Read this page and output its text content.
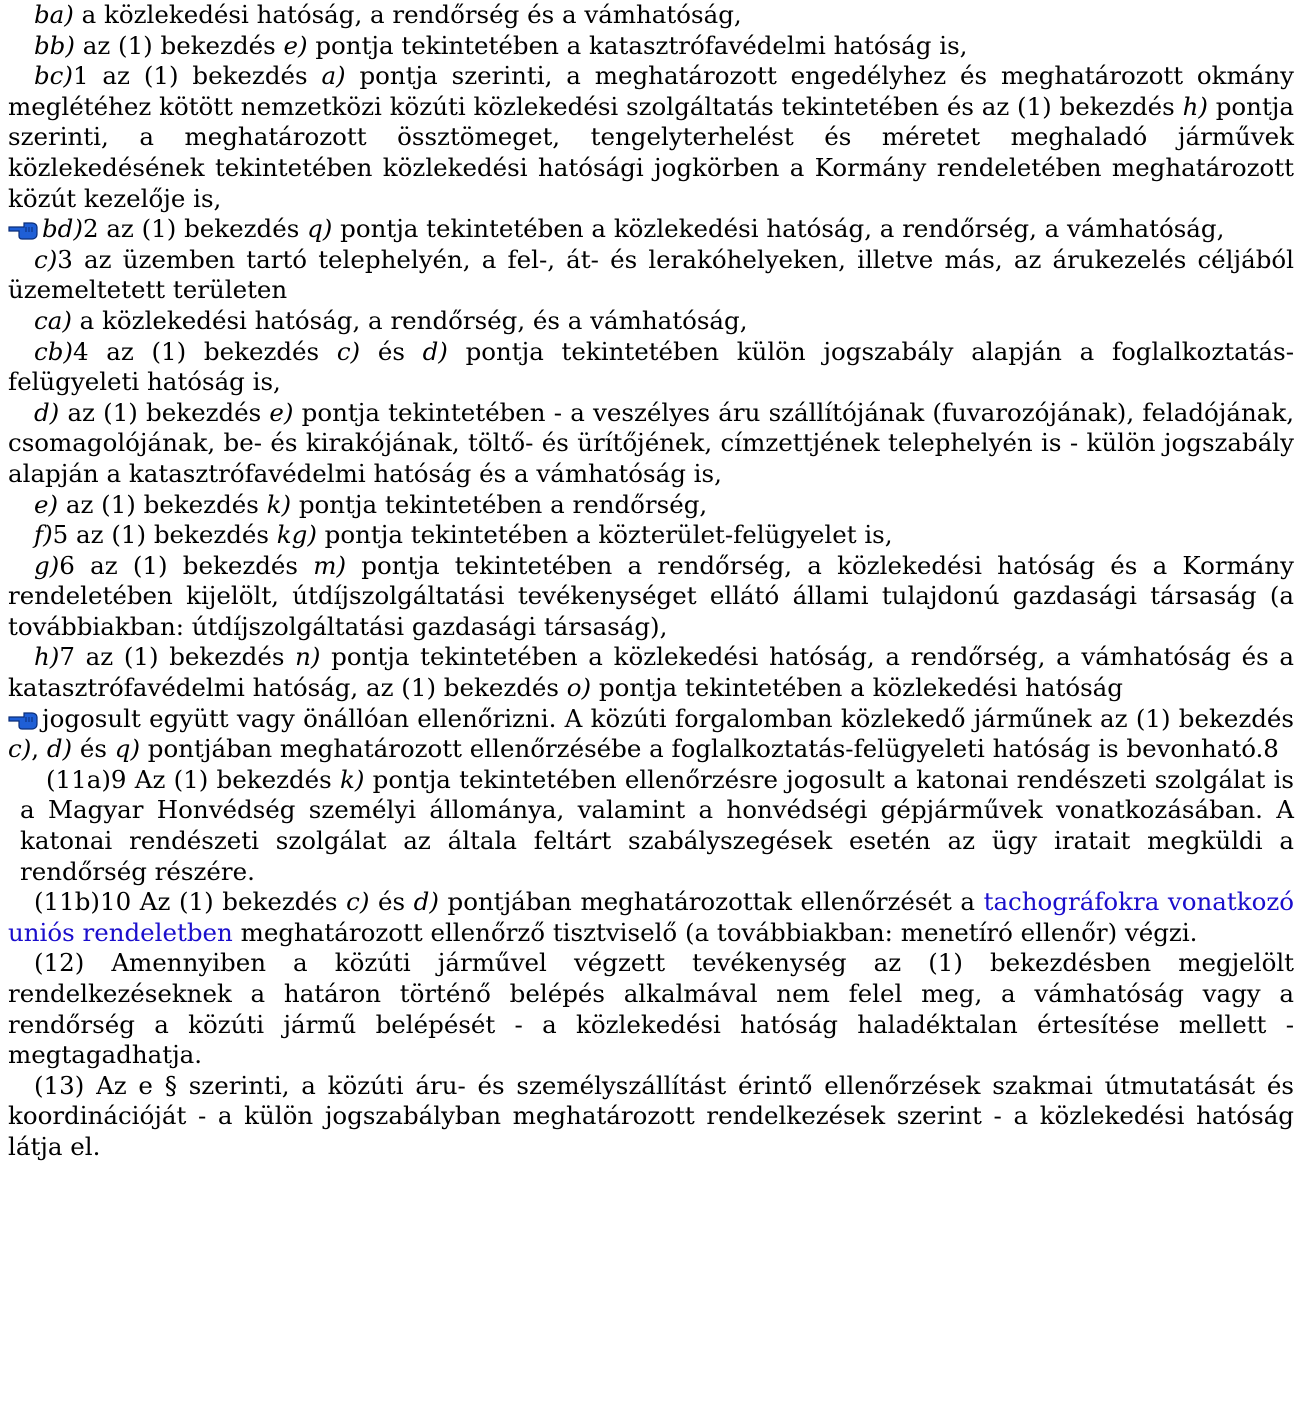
ba) a közlekedési hatóság, a rendőrség és a vámhatóság,

bb) az (1) bekezdés e) pontja tekintetében a katasztrófavédelmi hatóság is,

bc)1 az (1) bekezdés a) pontja szerinti, a meghatározott engedélyhez és meghatározott okmány meglétéhez kötött nemzetközi közúti közlekedési szolgáltatás tekintetében és az (1) bekezdés h) pontja szerinti, a meghatározott össztömeget, tengelyterhelést és méretet meghaladó járművek közlekedésének tekintetében közlekedési hatósági jogkörben a Kormány rendeletében meghatározott közút kezelője is,

bd)2 az (1) bekezdés q) pontja tekintetében a közlekedési hatóság, a rendőrség, a vámhatóság,

c)3 az üzemben tartó telephelyén, a fel-, át- és lerakóhelyeken, illetve más, az árukezelés céljából üzemeltetett területen

ca) a közlekedési hatóság, a rendőrség, és a vámhatóság,

cb)4 az (1) bekezdés c) és d) pontja tekintetében külön jogszabály alapján a foglalkoztatás-felügyeleti hatóság is,

d) az (1) bekezdés e) pontja tekintetében - a veszélyes áru szállítójának (fuvarozójának), feladójának, csomagolójának, be- és kirakójának, töltő- és ürítőjének, címzettjének telephelyén is - külön jogszabály alapján a katasztrófavédelmi hatóság és a vámhatóság is,

e) az (1) bekezdés k) pontja tekintetében a rendőrség,

f)5 az (1) bekezdés kg) pontja tekintetében a közterület-felügyelet is,

g)6 az (1) bekezdés m) pontja tekintetében a rendőrség, a közlekedési hatóság és a Kormány rendeletében kijelölt, útdíjszolgáltatási tevékenységet ellátó állami tulajdonú gazdasági társaság (a továbbiakban: útdíjszolgáltatási gazdasági társaság),

h)7 az (1) bekezdés n) pontja tekintetében a közlekedési hatóság, a rendőrség, a vámhatóság és a katasztrófavédelmi hatóság, az (1) bekezdés o) pontja tekintetében a közlekedési hatóság

jogosult együtt vagy önállóan ellenőrizni. A közúti forgalomban közlekedő járműnek az (1) bekezdés c), d) és q) pontjában meghatározott ellenőrzésébe a foglalkoztatás-felügyeleti hatóság is bevonható.8

(11a)9 Az (1) bekezdés k) pontja tekintetében ellenőrzésre jogosult a katonai rendészeti szolgálat is a Magyar Honvédség személyi állománya, valamint a honvédségi gépjárművek vonatkozásában. A katonai rendészeti szolgálat az általa feltárt szabályszegések esetén az ügy iratait megküldi a rendőrség részére.

(11b)10 Az (1) bekezdés c) és d) pontjában meghatározottak ellenőrzését a tachográfokra vonatkozó uniós rendeletben meghatározott ellenőrző tisztviselő (a továbbiakban: menetíró ellenőr) végzi.

(12) Amennyiben a közúti járművel végzett tevékenység az (1) bekezdésben megjelölt rendelkezéseknek a határon történő belépés alkalmával nem felel meg, a vámhatóság vagy a rendőrség a közúti jármű belépését - a közlekedési hatóság haladéktalan értesítése mellett - megtagadhatja.

(13) Az e § szerinti, a közúti áru- és személyszállítást érintő ellenőrzések szakmai útmutatását és koordinációját - a külön jogszabályban meghatározott rendelkezések szerint - a közlekedési hatóság látja el.
